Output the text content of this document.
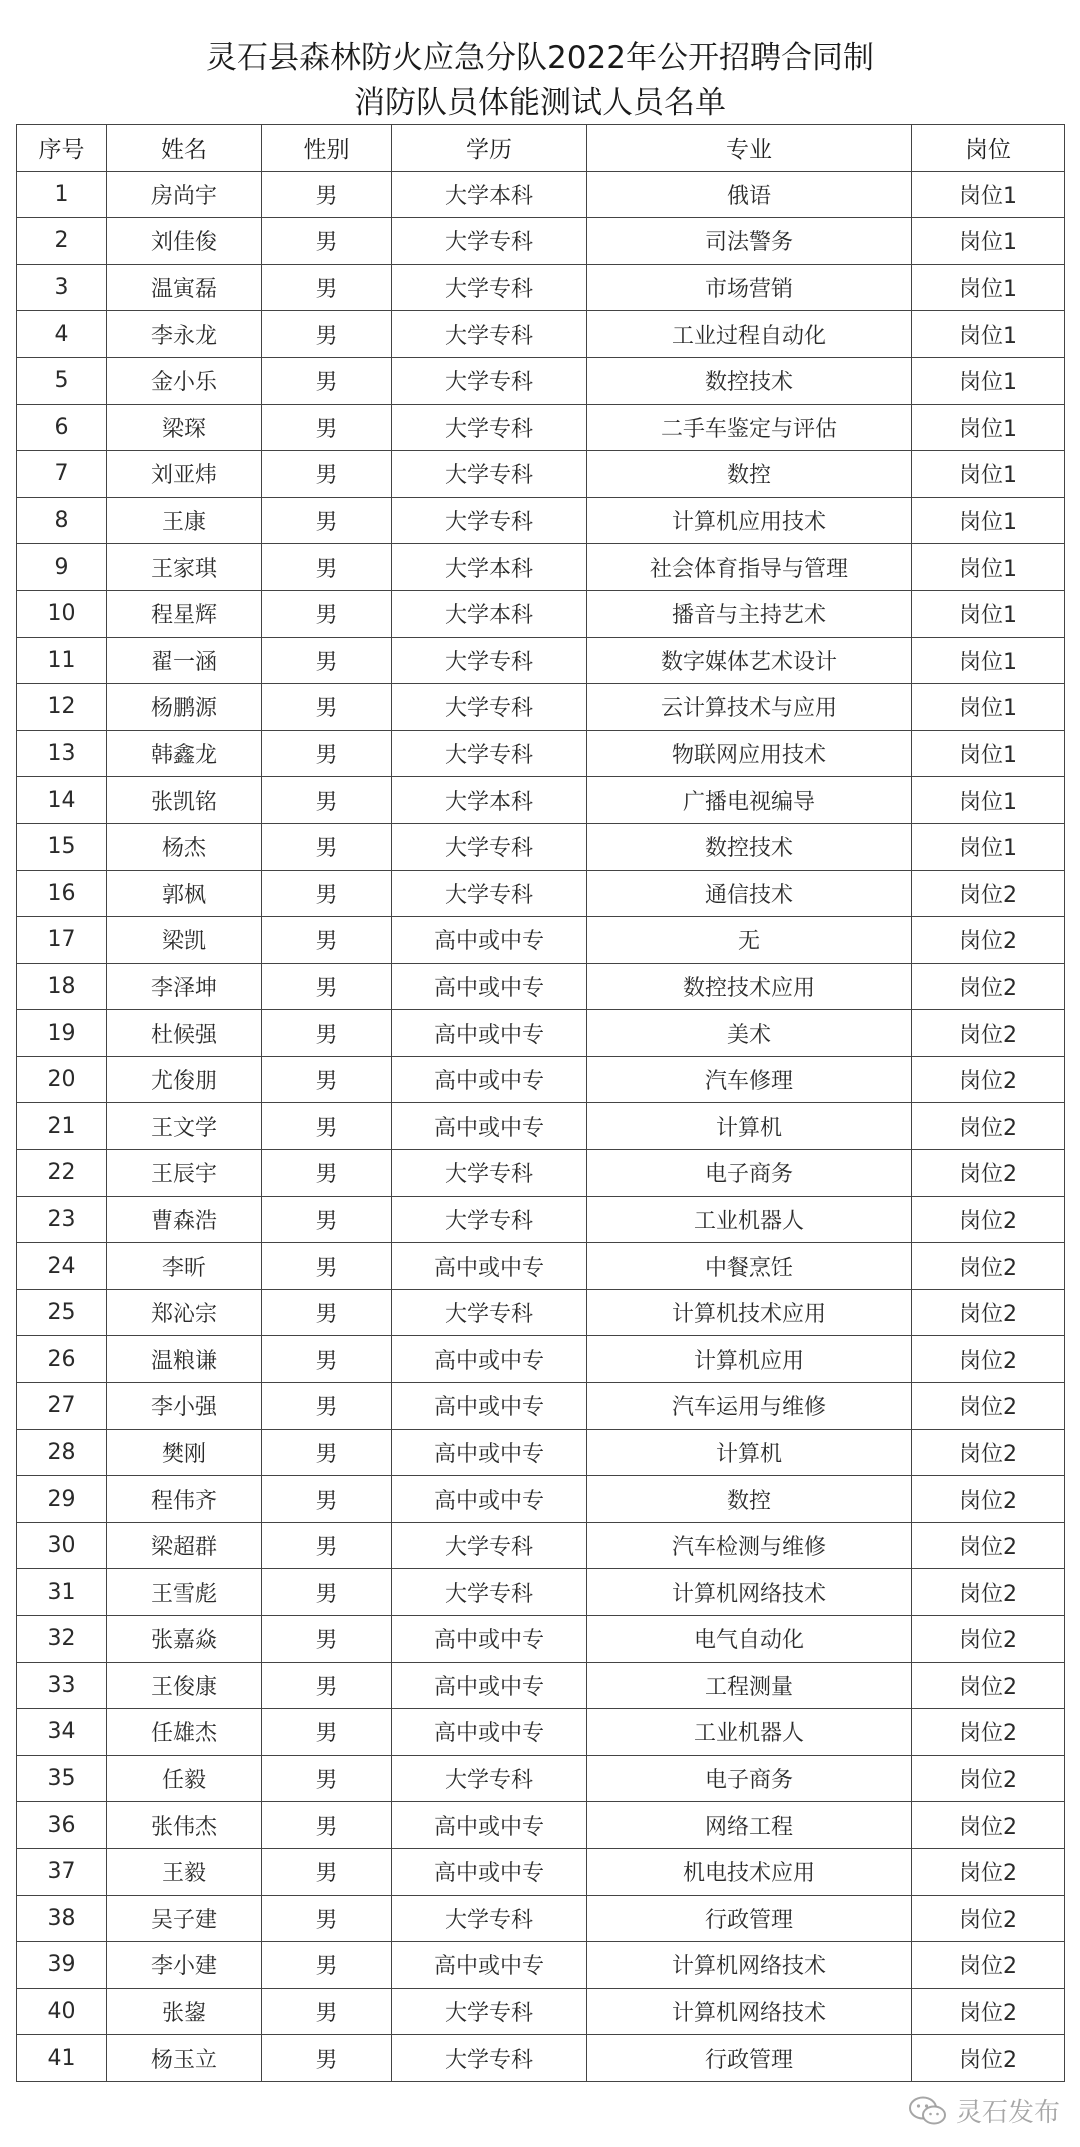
灵石县森林防火应急分队2022年公开招聘合同制
消防队员体能测试人员名单
序号	姓名	性别	学历	专业	岗位
1	房尚宇	男	大学本科	俄语	岗位1
2	刘佳俊	男	大学专科	司法警务	岗位1
3	温寅磊	男	大学专科	市场营销	岗位1
4	李永龙	男	大学专科	工业过程自动化	岗位1
5	金小乐	男	大学专科	数控技术	岗位1
6	梁琛	男	大学专科	二手车鉴定与评估	岗位1
7	刘亚炜	男	大学专科	数控	岗位1
8	王康	男	大学专科	计算机应用技术	岗位1
9	王家琪	男	大学本科	社会体育指导与管理	岗位1
10	程星辉	男	大学本科	播音与主持艺术	岗位1
11	翟一涵	男	大学专科	数字媒体艺术设计	岗位1
12	杨鹏源	男	大学专科	云计算技术与应用	岗位1
13	韩鑫龙	男	大学专科	物联网应用技术	岗位1
14	张凯铭	男	大学本科	广播电视编导	岗位1
15	杨杰	男	大学专科	数控技术	岗位1
16	郭枫	男	大学专科	通信技术	岗位2
17	梁凯	男	高中或中专	无	岗位2
18	李泽坤	男	高中或中专	数控技术应用	岗位2
19	杜候强	男	高中或中专	美术	岗位2
20	尤俊朋	男	高中或中专	汽车修理	岗位2
21	王文学	男	高中或中专	计算机	岗位2
22	王辰宇	男	大学专科	电子商务	岗位2
23	曹森浩	男	大学专科	工业机器人	岗位2
24	李昕	男	高中或中专	中餐烹饪	岗位2
25	郑沁宗	男	大学专科	计算机技术应用	岗位2
26	温粮谦	男	高中或中专	计算机应用	岗位2
27	李小强	男	高中或中专	汽车运用与维修	岗位2
28	樊刚	男	高中或中专	计算机	岗位2
29	程伟齐	男	高中或中专	数控	岗位2
30	梁超群	男	大学专科	汽车检测与维修	岗位2
31	王雪彪	男	大学专科	计算机网络技术	岗位2
32	张嘉焱	男	高中或中专	电气自动化	岗位2
33	王俊康	男	高中或中专	工程测量	岗位2
34	任雄杰	男	高中或中专	工业机器人	岗位2
35	任毅	男	大学专科	电子商务	岗位2
36	张伟杰	男	高中或中专	网络工程	岗位2
37	王毅	男	高中或中专	机电技术应用	岗位2
38	吴子建	男	大学专科	行政管理	岗位2
39	李小建	男	高中或中专	计算机网络技术	岗位2
40	张鋆	男	大学专科	计算机网络技术	岗位2
41	杨玉立	男	大学专科	行政管理	岗位2
灵石发布
